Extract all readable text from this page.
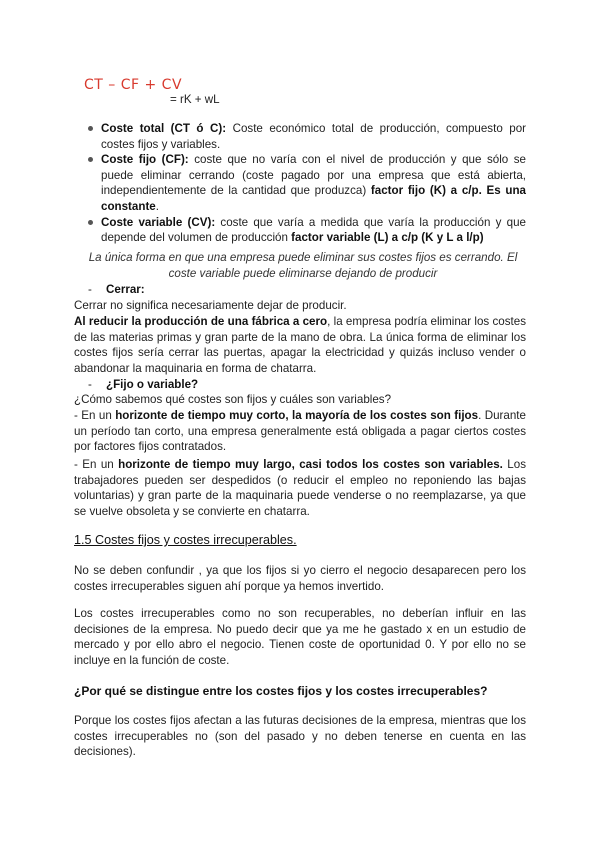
CT – CF + CV
= rK + wL
Coste total (CT ó C): Coste económico total de producción, compuesto por costes fijos y variables.
Coste fijo (CF): coste que no varía con el nivel de producción y que sólo se puede eliminar cerrando (coste pagado por una empresa que está abierta, independientemente de la cantidad que produzca) factor fijo (K) a c/p. Es una constante.
Coste variable (CV): coste que varía a medida que varía la producción y que depende del volumen de producción factor variable (L) a c/p (K y L a l/p)
La única forma en que una empresa puede eliminar sus costes fijos es cerrando. El coste variable puede eliminarse dejando de producir
- Cerrar:
Cerrar no significa necesariamente dejar de producir.
Al reducir la producción de una fábrica a cero, la empresa podría eliminar los costes de las materias primas y gran parte de la mano de obra. La única forma de eliminar los costes fijos sería cerrar las puertas, apagar la electricidad y quizás incluso vender o abandonar la maquinaria en forma de chatarra.
- ¿Fijo o variable?
¿Cómo sabemos qué costes son fijos y cuáles son variables?
- En un horizonte de tiempo muy corto, la mayoría de los costes son fijos. Durante un período tan corto, una empresa generalmente está obligada a pagar ciertos costes por factores fijos contratados.
- En un horizonte de tiempo muy largo, casi todos los costes son variables. Los trabajadores pueden ser despedidos (o reducir el empleo no reponiendo las bajas voluntarias) y gran parte de la maquinaria puede venderse o no reemplazarse, ya que se vuelve obsoleta y se convierte en chatarra.
1.5 Costes fijos y costes irrecuperables.
No se deben confundir , ya que los fijos si yo cierro el negocio desaparecen pero los costes irrecuperables siguen ahí porque ya hemos invertido.
Los costes irrecuperables como no son recuperables, no deberían influir en las decisiones de la empresa. No puedo decir que ya me he gastado x en un estudio de mercado y por ello abro el negocio. Tienen coste de oportunidad 0. Y por ello no se incluye en la función de coste.
¿Por qué se distingue entre los costes fijos y los costes irrecuperables?
Porque los costes fijos afectan a las futuras decisiones de la empresa, mientras que los costes irrecuperables no (son del pasado y no deben tenerse en cuenta en las decisiones).
